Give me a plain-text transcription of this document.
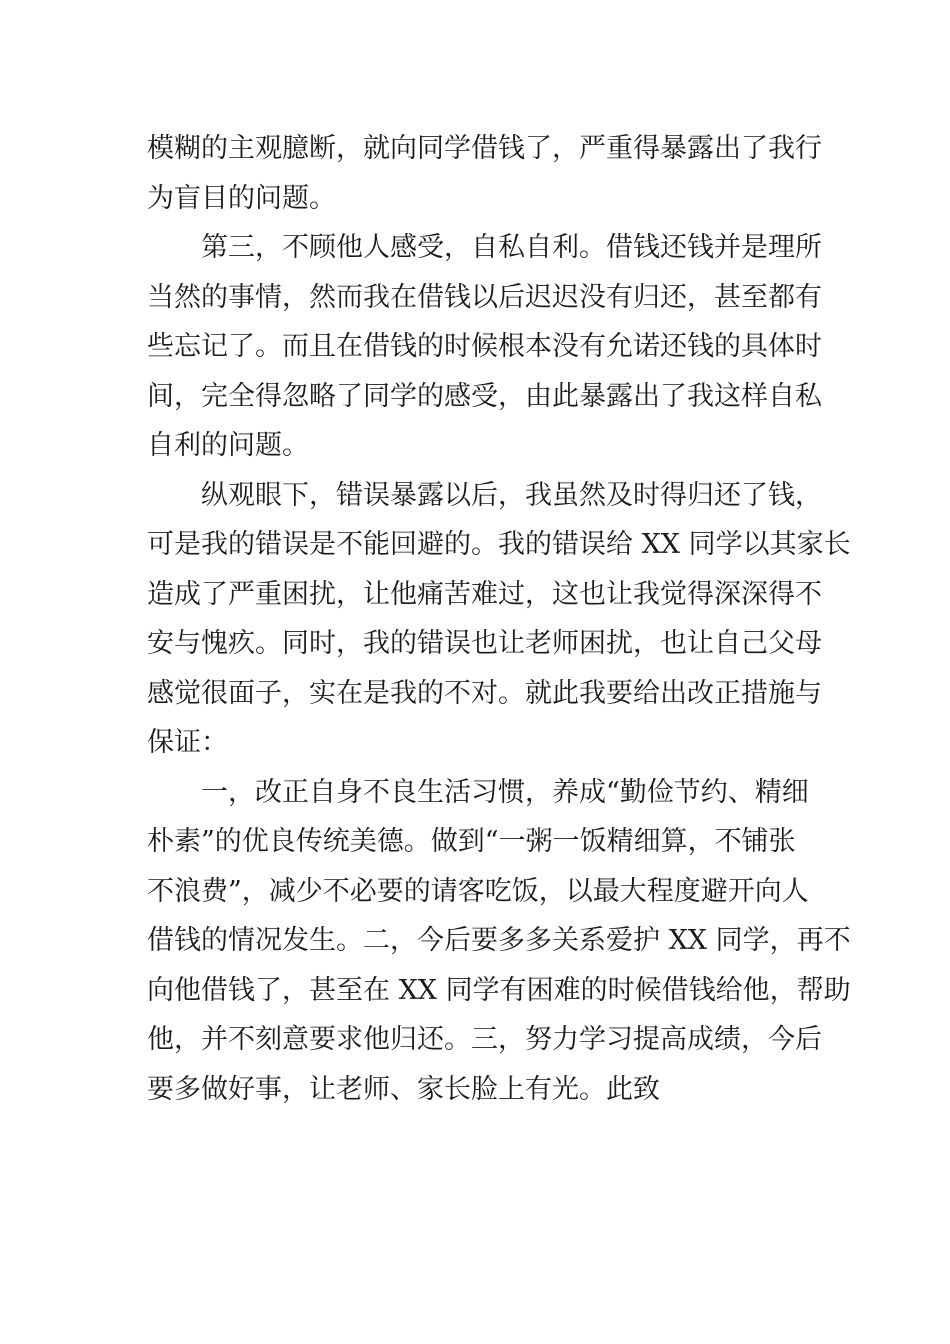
模糊的主观臆断，就向同学借钱了，严重得暴露出了我行
为盲目的问题。
第三，不顾他人感受，自私自利。借钱还钱并是理所
当然的事情，然而我在借钱以后迟迟没有归还，甚至都有
些忘记了。而且在借钱的时候根本没有允诺还钱的具体时
间，完全得忽略了同学的感受，由此暴露出了我这样自私
自利的问题。
纵观眼下，错误暴露以后，我虽然及时得归还了钱，
可是我的错误是不能回避的。我的错误给 XX 同学以其家长
造成了严重困扰，让他痛苦难过，这也让我觉得深深得不
安与愧疚。同时，我的错误也让老师困扰，也让自己父母
感觉很面子，实在是我的不对。就此我要给出改正措施与
保证：
一，改正自身不良生活习惯，养成“勤俭节约、精细
朴素”的优良传统美德。做到“一粥一饭精细算，不铺张
不浪费”，减少不必要的请客吃饭，以最大程度避开向人
借钱的情况发生。二，今后要多多关系爱护 XX 同学，再不
向他借钱了，甚至在 XX 同学有困难的时候借钱给他，帮助
他，并不刻意要求他归还。三，努力学习提高成绩，今后
要多做好事，让老师、家长脸上有光。此致
